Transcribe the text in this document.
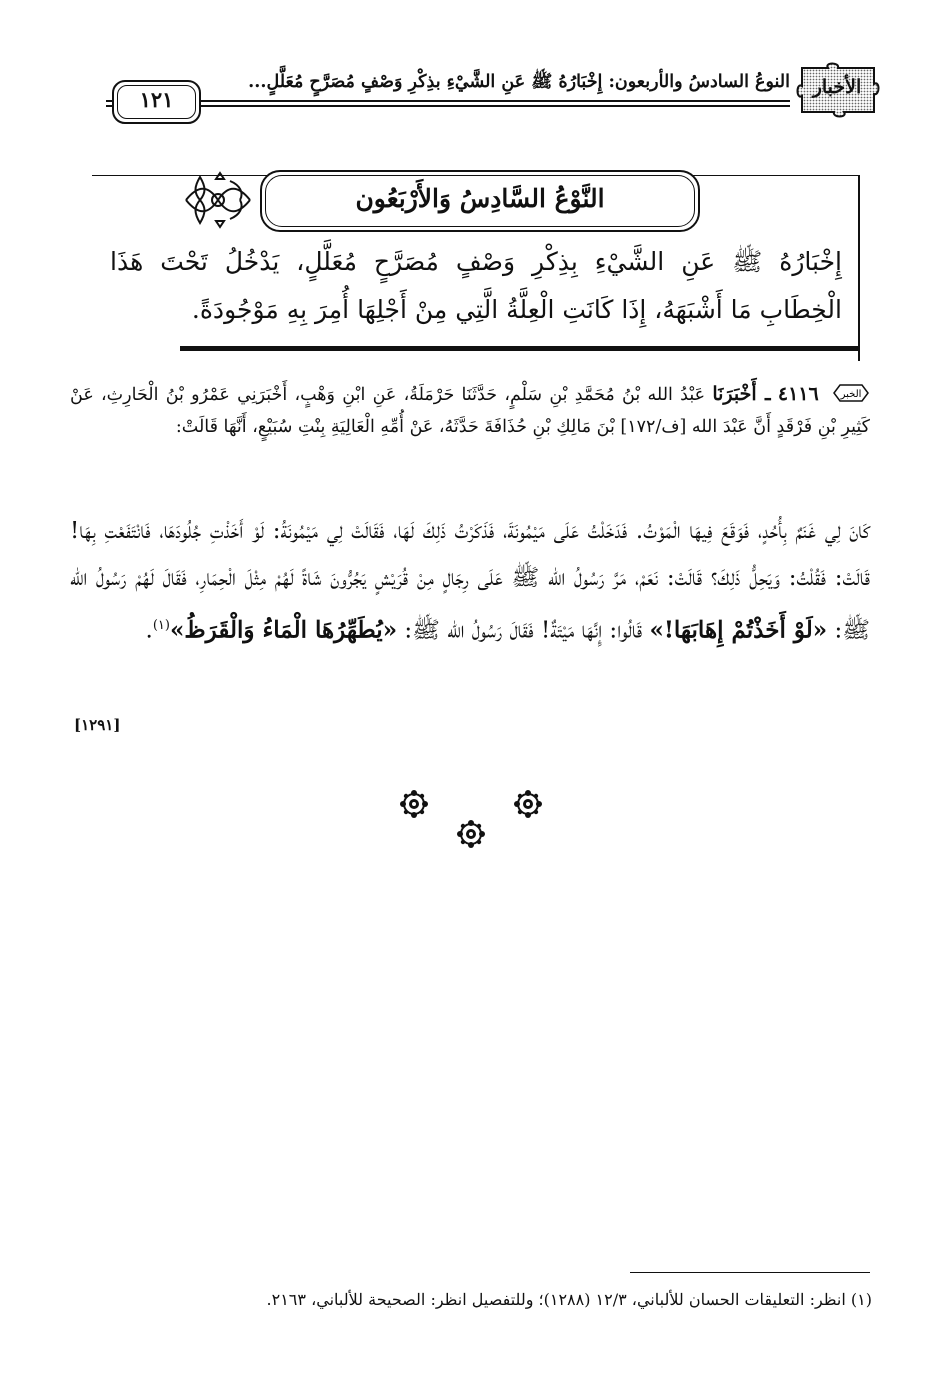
الأخبار
النوعُ السادسُ والأربعون: إِخْبَارُهُ ﷺ عَنِ الشَّيْءِ بذِكْرِ وَصْفٍ مُصَرَّحٍ مُعَلَّلٍ...
١٢١
النَّوْعُ السَّادِسُ وَالأَرْبَعُون
إِخْبَارُهُ ﷺ عَنِ الشَّيْءِ بِذِكْرِ وَصْفٍ مُصَرَّحٍ مُعَلَّلٍ، يَدْخُلُ تَحْتَ هَذَا الْخِطَابِ مَا أَشْبَهَهُ، إِذَا كَانَتِ الْعِلَّةُ الَّتِي مِنْ أَجْلِهَا أُمِرَ بِهِ مَوْجُودَةً.
الخبر
٤١١٦ ـ أَخْبَرَنَا عَبْدُ الله بْنُ مُحَمَّدِ بْنِ سَلْمٍ، حَدَّثَنَا حَرْمَلَةُ، عَنِ ابْنِ وَهْبٍ، أَخْبَرَنِي عَمْرُو بْنُ الْحَارِثِ، عَنْ كَثِيرِ بْنِ فَرْقَدٍ أَنَّ عَبْدَ الله [ف/١٧٢] بْنَ مَالِكِ بْنِ حُذَافَةَ حَدَّثَهُ، عَنْ أُمِّهِ الْعَالِيَةِ بِنْتِ سُبَيْعٍ، أَنَّهَا قَالَتْ:
كَانَ لِي غَنَمٌ بِأُحُدٍ، فَوَقَعَ فِيهَا الْمَوْتُ. فَدَخَلْتُ عَلَى مَيْمُونَةَ، فَذَكَرْتُ ذَلِكَ لَهَا، فَقَالَتْ لِي مَيْمُونَةُ: لَوْ أَخَذْتِ جُلُودَهَا، فَانْتَفَعْتِ بِهَا! قَالَتْ: فَقُلْتُ: وَيَحِلُّ ذَلِكَ؟ قَالَتْ: نَعَمْ، مَرَّ رَسُولُ الله ﷺ عَلَى رِجَالٍ مِنْ قُرَيْشٍ يَجُرُّونَ شَاةً لَهُمْ مِثْلَ الْحِمَارِ، فَقَالَ لَهُمْ رَسُولُ الله ﷺ: «لَوْ أَخَذْتُمْ إِهَابَهَا!» قَالُوا: إِنَّهَا مَيْتَةٌ! فَقَالَ رَسُولُ الله ﷺ: «يُطَهِّرُهَا الْمَاءُ وَالْقَرَظُ»$^{(١)}$.
[١٢٩١]
(١) انظر: التعليقات الحسان للألباني، ١٢/٣ (١٢٨٨)؛ وللتفصيل انظر: الصحيحة للألباني، ٢١٦٣.
